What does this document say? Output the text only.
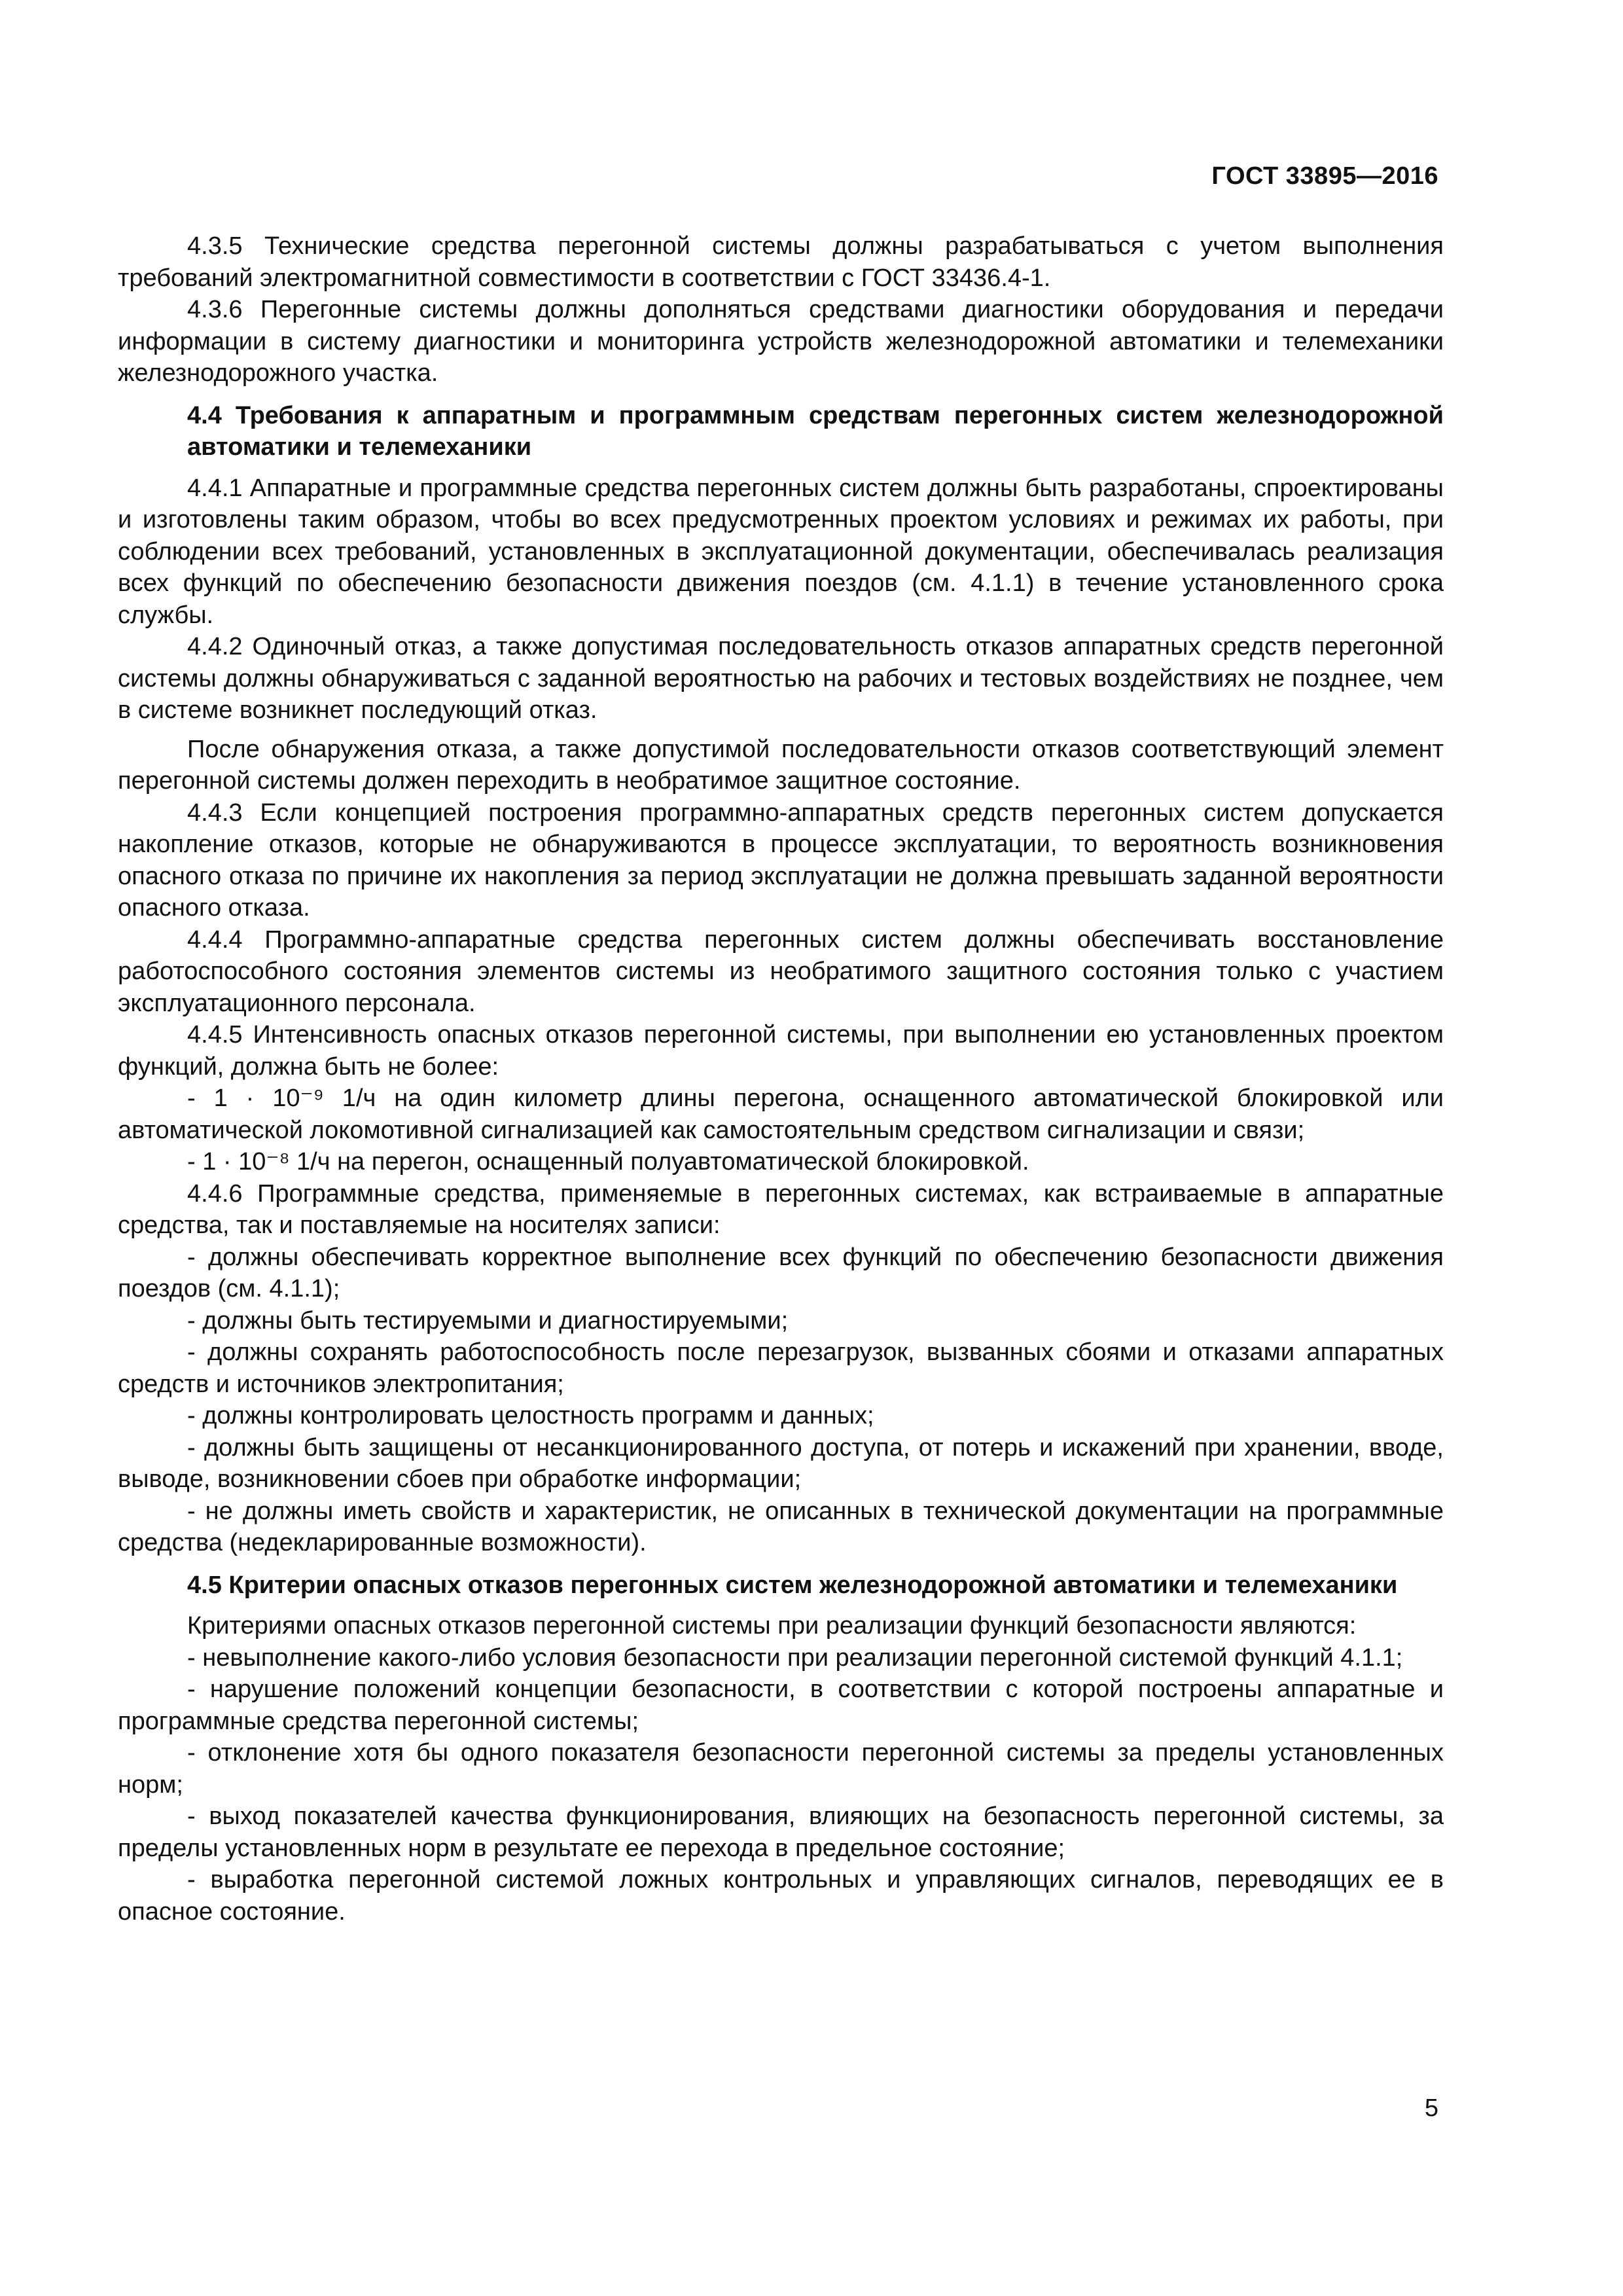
ГОСТ 33895—2016

4.3.5 Технические средства перегонной системы должны разрабатываться с учетом выполнения требований электромагнитной совместимости в соответствии с ГОСТ 33436.4-1.

4.3.6 Перегонные системы должны дополняться средствами диагностики оборудования и передачи информации в систему диагностики и мониторинга устройств железнодорожной автоматики и телемеханики железнодорожного участка.

4.4 Требования к аппаратным и программным средствам перегонных систем железнодорожной автоматики и телемеханики

4.4.1 Аппаратные и программные средства перегонных систем должны быть разработаны, спроектированы и изготовлены таким образом, чтобы во всех предусмотренных проектом условиях и режимах их работы, при соблюдении всех требований, установленных в эксплуатационной документации, обеспечивалась реализация всех функций по обеспечению безопасности движения поездов (см. 4.1.1) в течение установленного срока службы.

4.4.2 Одиночный отказ, а также допустимая последовательность отказов аппаратных средств перегонной системы должны обнаруживаться с заданной вероятностью на рабочих и тестовых воздействиях не позднее, чем в системе возникнет последующий отказ.

После обнаружения отказа, а также допустимой последовательности отказов соответствующий элемент перегонной системы должен переходить в необратимое защитное состояние.

4.4.3 Если концепцией построения программно-аппаратных средств перегонных систем допускается накопление отказов, которые не обнаруживаются в процессе эксплуатации, то вероятность возникновения опасного отказа по причине их накопления за период эксплуатации не должна превышать заданной вероятности опасного отказа.

4.4.4 Программно-аппаратные средства перегонных систем должны обеспечивать восстановление работоспособного состояния элементов системы из необратимого защитного состояния только с участием эксплуатационного персонала.

4.4.5 Интенсивность опасных отказов перегонной системы, при выполнении ею установленных проектом функций, должна быть не более:

- 1 · 10⁻⁹ 1/ч на один километр длины перегона, оснащенного автоматической блокировкой или автоматической локомотивной сигнализацией как самостоятельным средством сигнализации и связи;

- 1 · 10⁻⁸ 1/ч на перегон, оснащенный полуавтоматической блокировкой.

4.4.6 Программные средства, применяемые в перегонных системах, как встраиваемые в аппаратные средства, так и поставляемые на носителях записи:

- должны обеспечивать корректное выполнение всех функций по обеспечению безопасности движения поездов (см. 4.1.1);

- должны быть тестируемыми и диагностируемыми;

- должны сохранять работоспособность после перезагрузок, вызванных сбоями и отказами аппаратных средств и источников электропитания;

- должны контролировать целостность программ и данных;

- должны быть защищены от несанкционированного доступа, от потерь и искажений при хранении, вводе, выводе, возникновении сбоев при обработке информации;

- не должны иметь свойств и характеристик, не описанных в технической документации на программные средства (недекларированные возможности).

4.5 Критерии опасных отказов перегонных систем железнодорожной автоматики и телемеханики

Критериями опасных отказов перегонной системы при реализации функций безопасности являются:

- невыполнение какого-либо условия безопасности при реализации перегонной системой функций 4.1.1;

- нарушение положений концепции безопасности, в соответствии с которой построены аппаратные и программные средства перегонной системы;

- отклонение хотя бы одного показателя безопасности перегонной системы за пределы установленных норм;

- выход показателей качества функционирования, влияющих на безопасность перегонной системы, за пределы установленных норм в результате ее перехода в предельное состояние;

- выработка перегонной системой ложных контрольных и управляющих сигналов, переводящих ее в опасное состояние.

5
